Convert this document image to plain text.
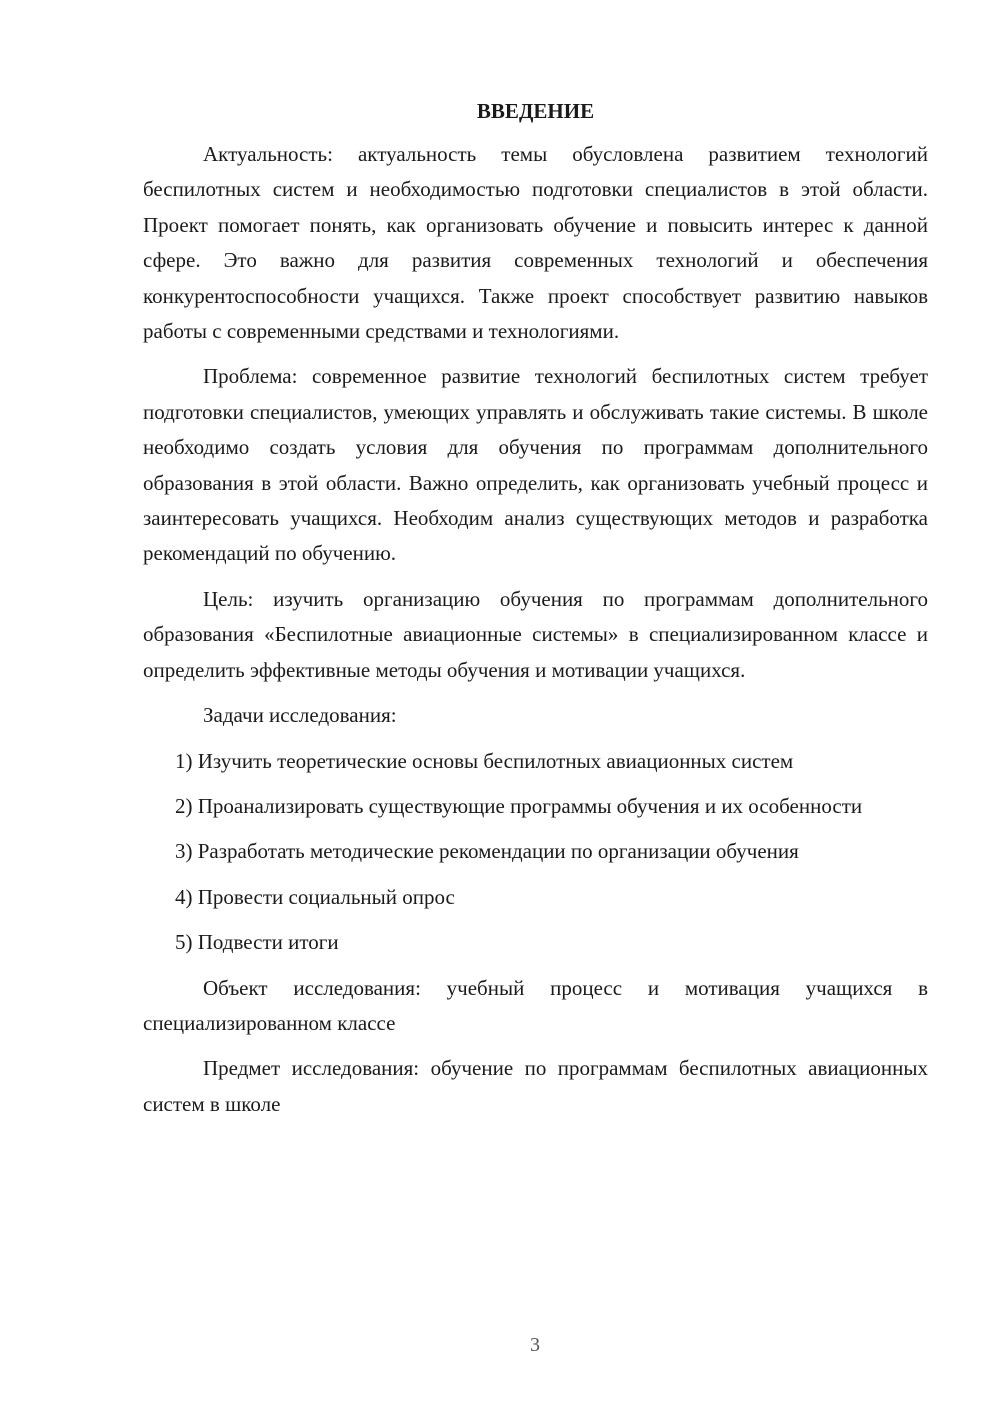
ВВЕДЕНИЕ

Актуальность: актуальность темы обусловлена развитием технологий беспилотных систем и необходимостью подготовки специалистов в этой области. Проект помогает понять, как организовать обучение и повысить интерес к данной сфере. Это важно для развития современных технологий и обеспечения конкурентоспособности учащихся. Также проект способствует развитию навыков работы с современными средствами и технологиями.

Проблема: современное развитие технологий беспилотных систем требует подготовки специалистов, умеющих управлять и обслуживать такие системы. В школе необходимо создать условия для обучения по программам дополнительного образования в этой области. Важно определить, как организовать учебный процесс и заинтересовать учащихся. Необходим анализ существующих методов и разработка рекомендаций по обучению.

Цель: изучить организацию обучения по программам дополнительного образования «Беспилотные авиационные системы» в специализированном классе и определить эффективные методы обучения и мотивации учащихся.

Задачи исследования:

1) Изучить теоретические основы беспилотных авиационных систем

2) Проанализировать существующие программы обучения и их особенности

3) Разработать методические рекомендации по организации обучения

4) Провести социальный опрос

5) Подвести итоги

Объект исследования: учебный процесс и мотивация учащихся в специализированном классе

Предмет исследования: обучение по программам беспилотных авиационных систем в школе

3
